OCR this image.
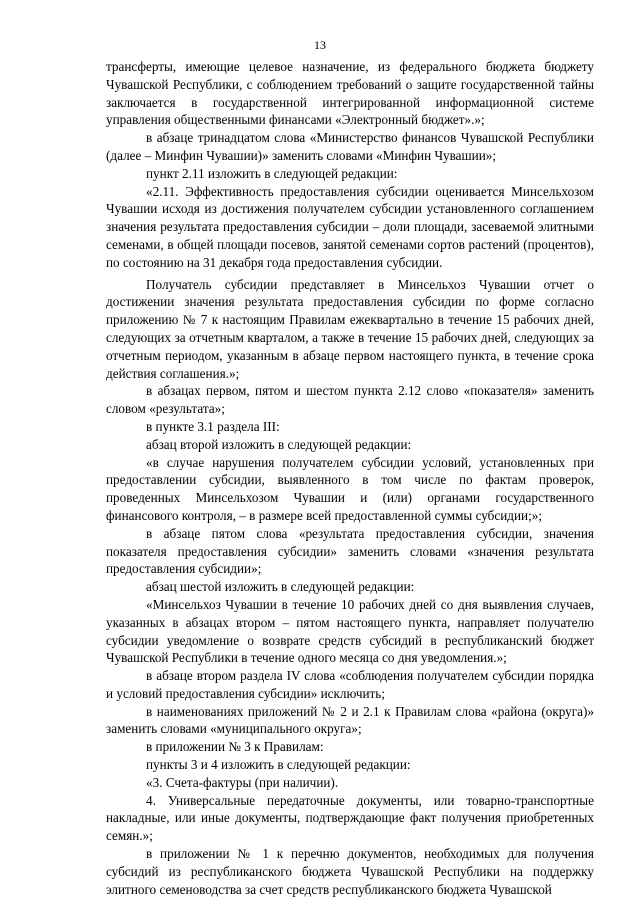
13

трансферты, имеющие целевое назначение, из федерального бюджета бюджету Чувашской Республики, с соблюдением требований о защите государственной тайны заключается в государственной интегрированной информационной системе управления общественными финансами «Электронный бюджет».»;

в абзаце тринадцатом слова «Министерство финансов Чувашской Республики (далее – Минфин Чувашии)» заменить словами «Минфин Чувашии»;

пункт 2.11 изложить в следующей редакции:

«2.11. Эффективность предоставления субсидии оценивается Минсельхозом Чувашии исходя из достижения получателем субсидии установленного соглашением значения результата предоставления субсидии – доли площади, засеваемой элитными семенами, в общей площади посевов, занятой семенами сортов растений (процентов), по состоянию на 31 декабря года предоставления субсидии.

Получатель субсидии представляет в Минсельхоз Чувашии отчет о достижении значения результата предоставления субсидии по форме согласно приложению № 7 к настоящим Правилам ежеквартально в течение 15 рабочих дней, следующих за отчетным кварталом, а также в течение 15 рабочих дней, следующих за отчетным периодом, указанным в абзаце первом настоящего пункта, в течение срока действия соглашения.»;

в абзацах первом, пятом и шестом пункта 2.12 слово «показателя» заменить словом «результата»;

в пункте 3.1 раздела III:

абзац второй изложить в следующей редакции:

«в случае нарушения получателем субсидии условий, установленных при предоставлении субсидии, выявленного в том числе по фактам проверок, проведенных Минсельхозом Чувашии и (или) органами государственного финансового контроля, – в размере всей предоставленной суммы субсидии;»;

в абзаце пятом слова «результата предоставления субсидии, значения показателя предоставления субсидии» заменить словами «значения результата предоставления субсидии»;

абзац шестой изложить в следующей редакции:

«Минсельхоз Чувашии в течение 10 рабочих дней со дня выявления случаев, указанных в абзацах втором – пятом настоящего пункта, направляет получателю субсидии уведомление о возврате средств субсидий в республиканский бюджет Чувашской Республики в течение одного месяца со дня уведомления.»;

в абзаце втором раздела IV слова «соблюдения получателем субсидии порядка и условий предоставления субсидии» исключить;

в наименованиях приложений № 2 и 2.1 к Правилам слова «района (округа)» заменить словами «муниципального округа»;

в приложении № 3 к Правилам:

пункты 3 и 4 изложить в следующей редакции:

«3. Счета-фактуры (при наличии).

4. Универсальные передаточные документы, или товарно-транспортные накладные, или иные документы, подтверждающие факт получения приобретенных семян.»;

в приложении № 1 к перечню документов, необходимых для получения субсидий из республиканского бюджета Чувашской Республики на поддержку элитного семеноводства за счет средств республиканского бюджета Чувашской
